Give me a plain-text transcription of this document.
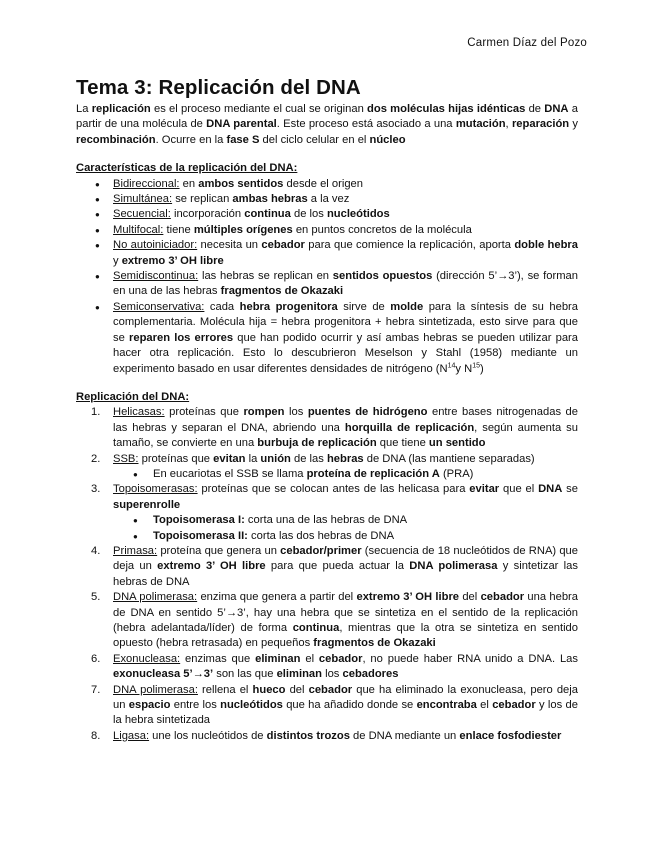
Carmen Díaz del Pozo
Tema 3: Replicación del DNA

La replicación es el proceso mediante el cual se originan dos moléculas hijas idénticas de DNA a partir de una molécula de DNA parental. Este proceso está asociado a una mutación, reparación y recombinación. Ocurre en la fase S del ciclo celular en el núcleo

Características de la replicación del DNA:
● Bidireccional: en ambos sentidos desde el origen
● Simultánea: se replican ambas hebras a la vez
● Secuencial: incorporación continua de los nucleótidos
● Multifocal: tiene múltiples orígenes en puntos concretos de la molécula
● No autoiniciador: necesita un cebador para que comience la replicación, aporta doble hebra y extremo 3’ OH libre
● Semidiscontinua: las hebras se replican en sentidos opuestos (dirección 5’→3’), se forman en una de las hebras fragmentos de Okazaki
● Semiconservativa: cada hebra progenitora sirve de molde para la síntesis de su hebra complementaria. Molécula hija = hebra progenitora + hebra sintetizada, esto sirve para que se reparen los errores que han podido ocurrir y así ambas hebras se pueden utilizar para hacer otra replicación. Esto lo descubrieron Meselson y Stahl (1958) mediante un experimento basado en usar diferentes densidades de nitrógeno ($N^{14}y$ $N^{15}$)
Replicación del DNA:
1. Helicasas: proteínas que rompen los puentes de hidrógeno entre bases nitrogenadas de las hebras y separan el DNA, abriendo una horquilla de replicación, según aumenta su tamaño, se convierte en una burbuja de replicación que tiene un sentido
2. SSB: proteínas que evitan la unión de las hebras de DNA (las mantiene separadas)
● En eucariotas el SSB se llama proteína de replicación A (PRA)
3. Topoisomerasas: proteínas que se colocan antes de las helicasa para evitar que el DNA se superenrolle
● Topoisomerasa I: corta una de las hebras de DNA
● Topoisomerasa II: corta las dos hebras de DNA
4. Primasa: proteína que genera un cebador/primer (secuencia de 18 nucleótidos de RNA) que deja un extremo 3’ OH libre para que pueda actuar la DNA polimerasa y sintetizar las hebras de DNA
5. DNA polimerasa: enzima que genera a partir del extremo 3’ OH libre del cebador una hebra de DNA en sentido 5’→3’, hay una hebra que se sintetiza en el sentido de la replicación (hebra adelantada/líder) de forma continua, mientras que la otra se sintetiza en sentido opuesto (hebra retrasada) en pequeños fragmentos de Okazaki
6. Exonucleasa: enzimas que eliminan el cebador, no puede haber RNA unido a DNA. Las exonucleasa 5’→3’ son las que eliminan los cebadores
7. DNA polimerasa: rellena el hueco del cebador que ha eliminado la exonucleasa, pero deja un espacio entre los nucleótidos que ha añadido donde se encontraba el cebador y los de la hebra sintetizada
8. Ligasa: une los nucleótidos de distintos trozos de DNA mediante un enlace fosfodiester
